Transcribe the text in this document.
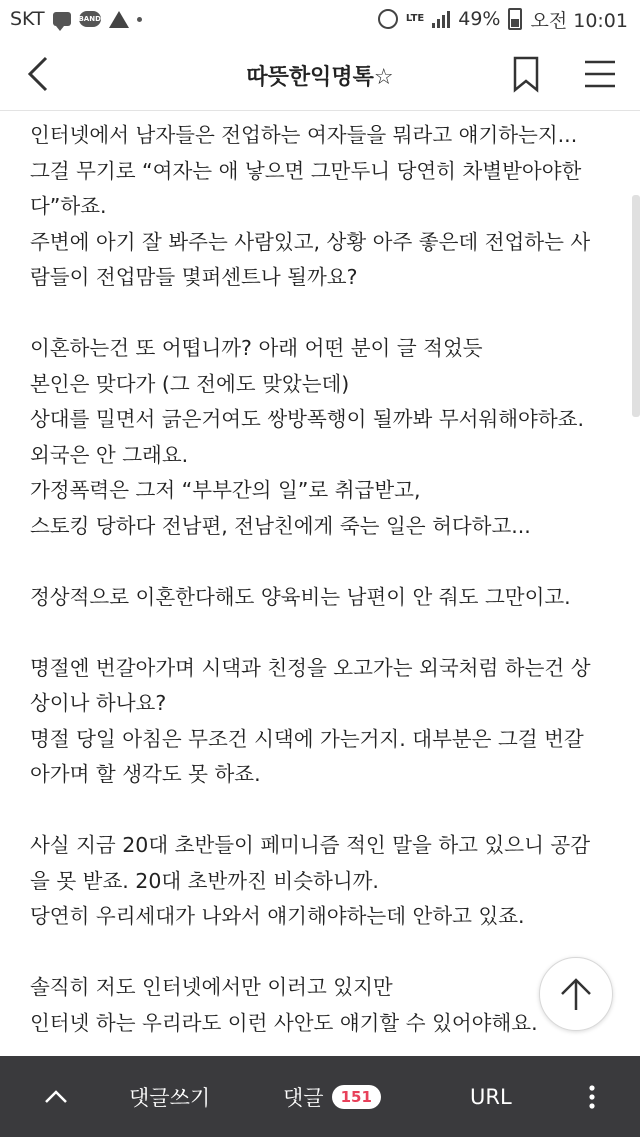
SKT	BAND	LTE 49% 오전 10:01
따뜻한익명톡☆

인터넷에서 남자들은 전업하는 여자들을 뭐라고 얘기하는지...

그걸 무기로 “여자는 애 낳으면 그만두니 당연히 차별받아야한

다”하죠.

주변에 아기 잘 봐주는 사람있고, 상황 아주 좋은데 전업하는 사

람들이 전업맘들 몇퍼센트나 될까요?

이혼하는건 또 어떱니까? 아래 어떤 분이 글 적었듯

본인은 맞다가 (그 전에도 맞았는데)

상대를 밀면서 긁은거여도 쌍방폭행이 될까봐 무서워해야하죠.

외국은 안 그래요.

가정폭력은 그저 “부부간의 일”로 취급받고,

스토킹 당하다 전남편, 전남친에게 죽는 일은 허다하고...

정상적으로 이혼한다해도 양육비는 남편이 안 줘도 그만이고.

명절엔 번갈아가며 시댁과 친정을 오고가는 외국처럼 하는건 상

상이나 하나요?

명절 당일 아침은 무조건 시댁에 가는거지. 대부분은 그걸 번갈

아가며 할 생각도 못 하죠.

사실 지금 20대 초반들이 페미니즘 적인 말을 하고 있으니 공감

을 못 받죠. 20대 초반까진 비슷하니까.

당연히 우리세대가 나와서 얘기해야하는데 안하고 있죠.

솔직히 저도 인터넷에서만 이러고 있지만

인터넷 하는 우리라도 이런 사안도 얘기할 수 있어야해요.

댓글쓰기	댓글	151	URL
